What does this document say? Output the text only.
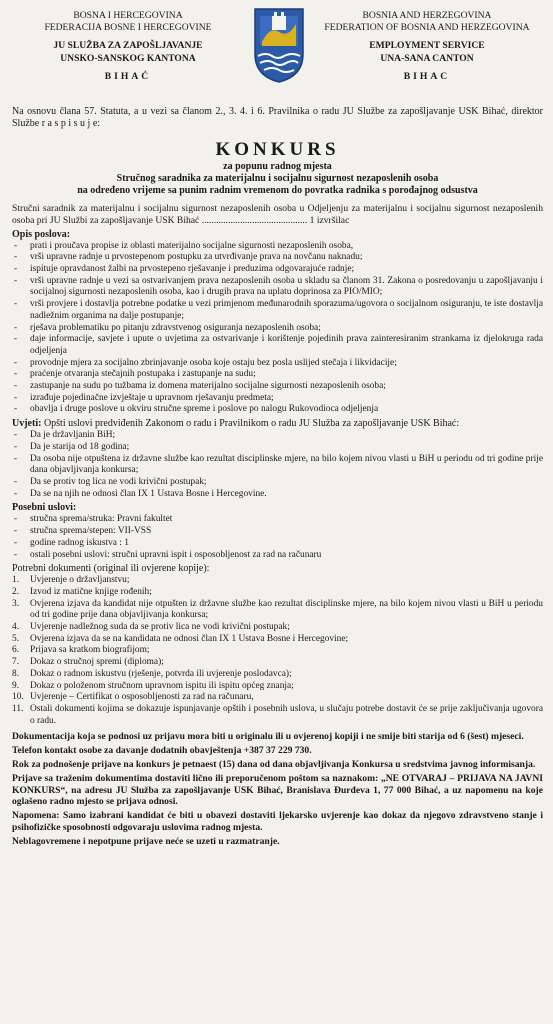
BOSNA I HERCEGOVINA
FEDERACIJA BOSNE I HERCEGOVINE
JU SLUŽBA ZA ZAPOŠLJAVANJE
UNSKO-SANSKOG KANTONA
BIHAĆ
BOSNIA AND HERZEGOVINA
FEDERATION OF BOSNIA AND HERZEGOVINA
EMPLOYMENT SERVICE
UNA-SANA CANTON
BIHAC

Na osnovu člana 57. Statuta, a u vezi sa članom 2., 3. 4. i 6. Pravilnika o radu JU Službe za zapošljavanje USK Bihać, direktor Službe r a s p i s u j e:

KONKURS
za popunu radnog mjesta
Stručnog saradnika za materijalnu i socijalnu sigurnost nezaposlenih osoba
na određeno vrijeme sa punim radnim vremenom do povratka radnika s porođajnog odsustva

Stručni saradnik za materijalnu i socijalnu sigurnost nezaposlenih osoba u Odjeljenju za materijalnu i socijalnu sigurnost nezaposlenih osoba pri JU Službi za zapošljavanje USK Bihać ............................................ 1 izvršilac

Opis poslova:
- prati i proučava propise iz oblasti materijalno socijalne sigurnosti nezaposlenih osoba,
- vrši upravne radnje u prvostepenom postupku za utvrđivanje prava na novčanu naknadu;
- ispituje opravdanost žalbi na prvostepeno rješavanje i preduzima odgovarajuće radnje;
- vrši upravne radnje u vezi sa ostvarivanjem prava nezaposlenih osoba u skladu sa članom 31. Zakona o posredovanju u zapošljavanju i socijalnoj sigurnosti nezaposlenih osoba, kao i drugih prava na uplatu doprinosa za PIO/MIO;
- vrši provjere i dostavlja potrebne podatke u vezi primjenom međunarodnih sporazuma/ugovora o socijalnom osiguranju, te iste dostavlja nadležnim organima na dalje postupanje;
- rješava problematiku po pitanju zdravstvenog osiguranja nezaposlenih osoba;
- daje informacije, savjete i upute o uvjetima za ostvarivanje i korištenje pojedinih prava zainteresiranim strankama iz djelokruga rada odjeljenja
- provodnje mjera za socijalno zbrinjavanje osoba koje ostaju bez posla uslijed stečaja i likvidacije;
- praćenje otvaranja stečajnih postupaka i zastupanje na sudu;
- zastupanje na sudu po tužbama iz domena materijalno socijalne sigurnosti nezaposlenih osoba;
- izrađuje pojedinačne izvještaje u upravnom rješavanju predmeta;
- obavlja i druge poslove u okviru stručne spreme i poslove po nalogu Rukovodioca odjeljenja
Uvjeti: Opšti uslovi predviđenih Zakonom o radu i Pravilnikom o radu JU Služba za zapošljavanje USK Bihać:
- Da je državljanin BiH;
- Da je starija od 18 godina;
- Da osoba nije otpuštena iz državne službe kao rezultat disciplinske mjere, na bilo kojem nivou vlasti u BiH u periodu od tri godine prije dana objavljivanja konkursa;
- Da se protiv tog lica ne vodi krivični postupak;
- Da se na njih ne odnosi član IX 1 Ustava Bosne i Hercegovine.
Posebni uslovi:
- stručna sprema/struka: Pravni fakultet
- stručna sprema/stepen: VII-VSS
- godine radnog iskustva : 1
- ostali posebni uslovi: stručni upravni ispit i osposobljenost za rad na računaru
Potrebni dokumenti (original ili ovjerene kopije):
1. Uvjerenje o državljanstvu;
2. Izvod iz matične knjige rođenih;
3. Ovjerena izjava da kandidat nije otpušten iz državne službe kao rezultat disciplinske mjere, na bilo kojem nivou vlasti u BiH u periodu od tri godine prije dana objavljivanja konkursa;
4. Uvjerenje nadležnog suda da se protiv lica ne vodi krivični postupak;
5. Ovjerena izjava da se na kandidata ne odnosi član IX 1 Ustava Bosne i Hercegovine;
6. Prijava sa kratkom biografijom;
7. Dokaz o stručnoj spremi (diploma);
8. Dokaz o radnom iskustvu (rješenje, potvrda ili uvjerenje poslodavca);
9. Dokaz o položenom stručnom upravnom ispitu ili ispitu općeg znanja;
10. Uvjerenje – Certifikat o osposobljenosti za rad na računaru,
11. Ostali dokumenti kojima se dokazuje ispunjavanje opštih i posebnih uslova, u slučaju potrebe dostavit će se prije zaključivanja ugovora o radu.

Dokumentacija koja se podnosi uz prijavu mora biti u originalu ili u ovjerenoj kopiji i ne smije biti starija od 6 (šest) mjeseci.

Telefon kontakt osobe za davanje dodatnih obavještenja +387 37 229 730.

Rok za podnošenje prijave na konkurs je petnaest (15) dana od dana objavljivanja Konkursa u sredstvima javnog informisanja.

Prijave sa traženim dokumentima dostaviti lično ili preporučenom poštom sa naznakom: „NE OTVARAJ – PRIJAVA NA JAVNI KONKURS“, na adresu JU Služba za zapošljavanje USK Bihać, Branislava Đurđeva 1, 77 000 Bihać, a uz napomenu na koje oglašeno radno mjesto se prijava odnosi.

Napomena: Samo izabrani kandidat će biti u obavezi dostaviti ljekarsko uvjerenje kao dokaz da njegovo zdravstveno stanje i psihofizičke sposobnosti odgovaraju uslovima radnog mjesta.

Neblagovremene i nepotpune prijave neće se uzeti u razmatranje.
